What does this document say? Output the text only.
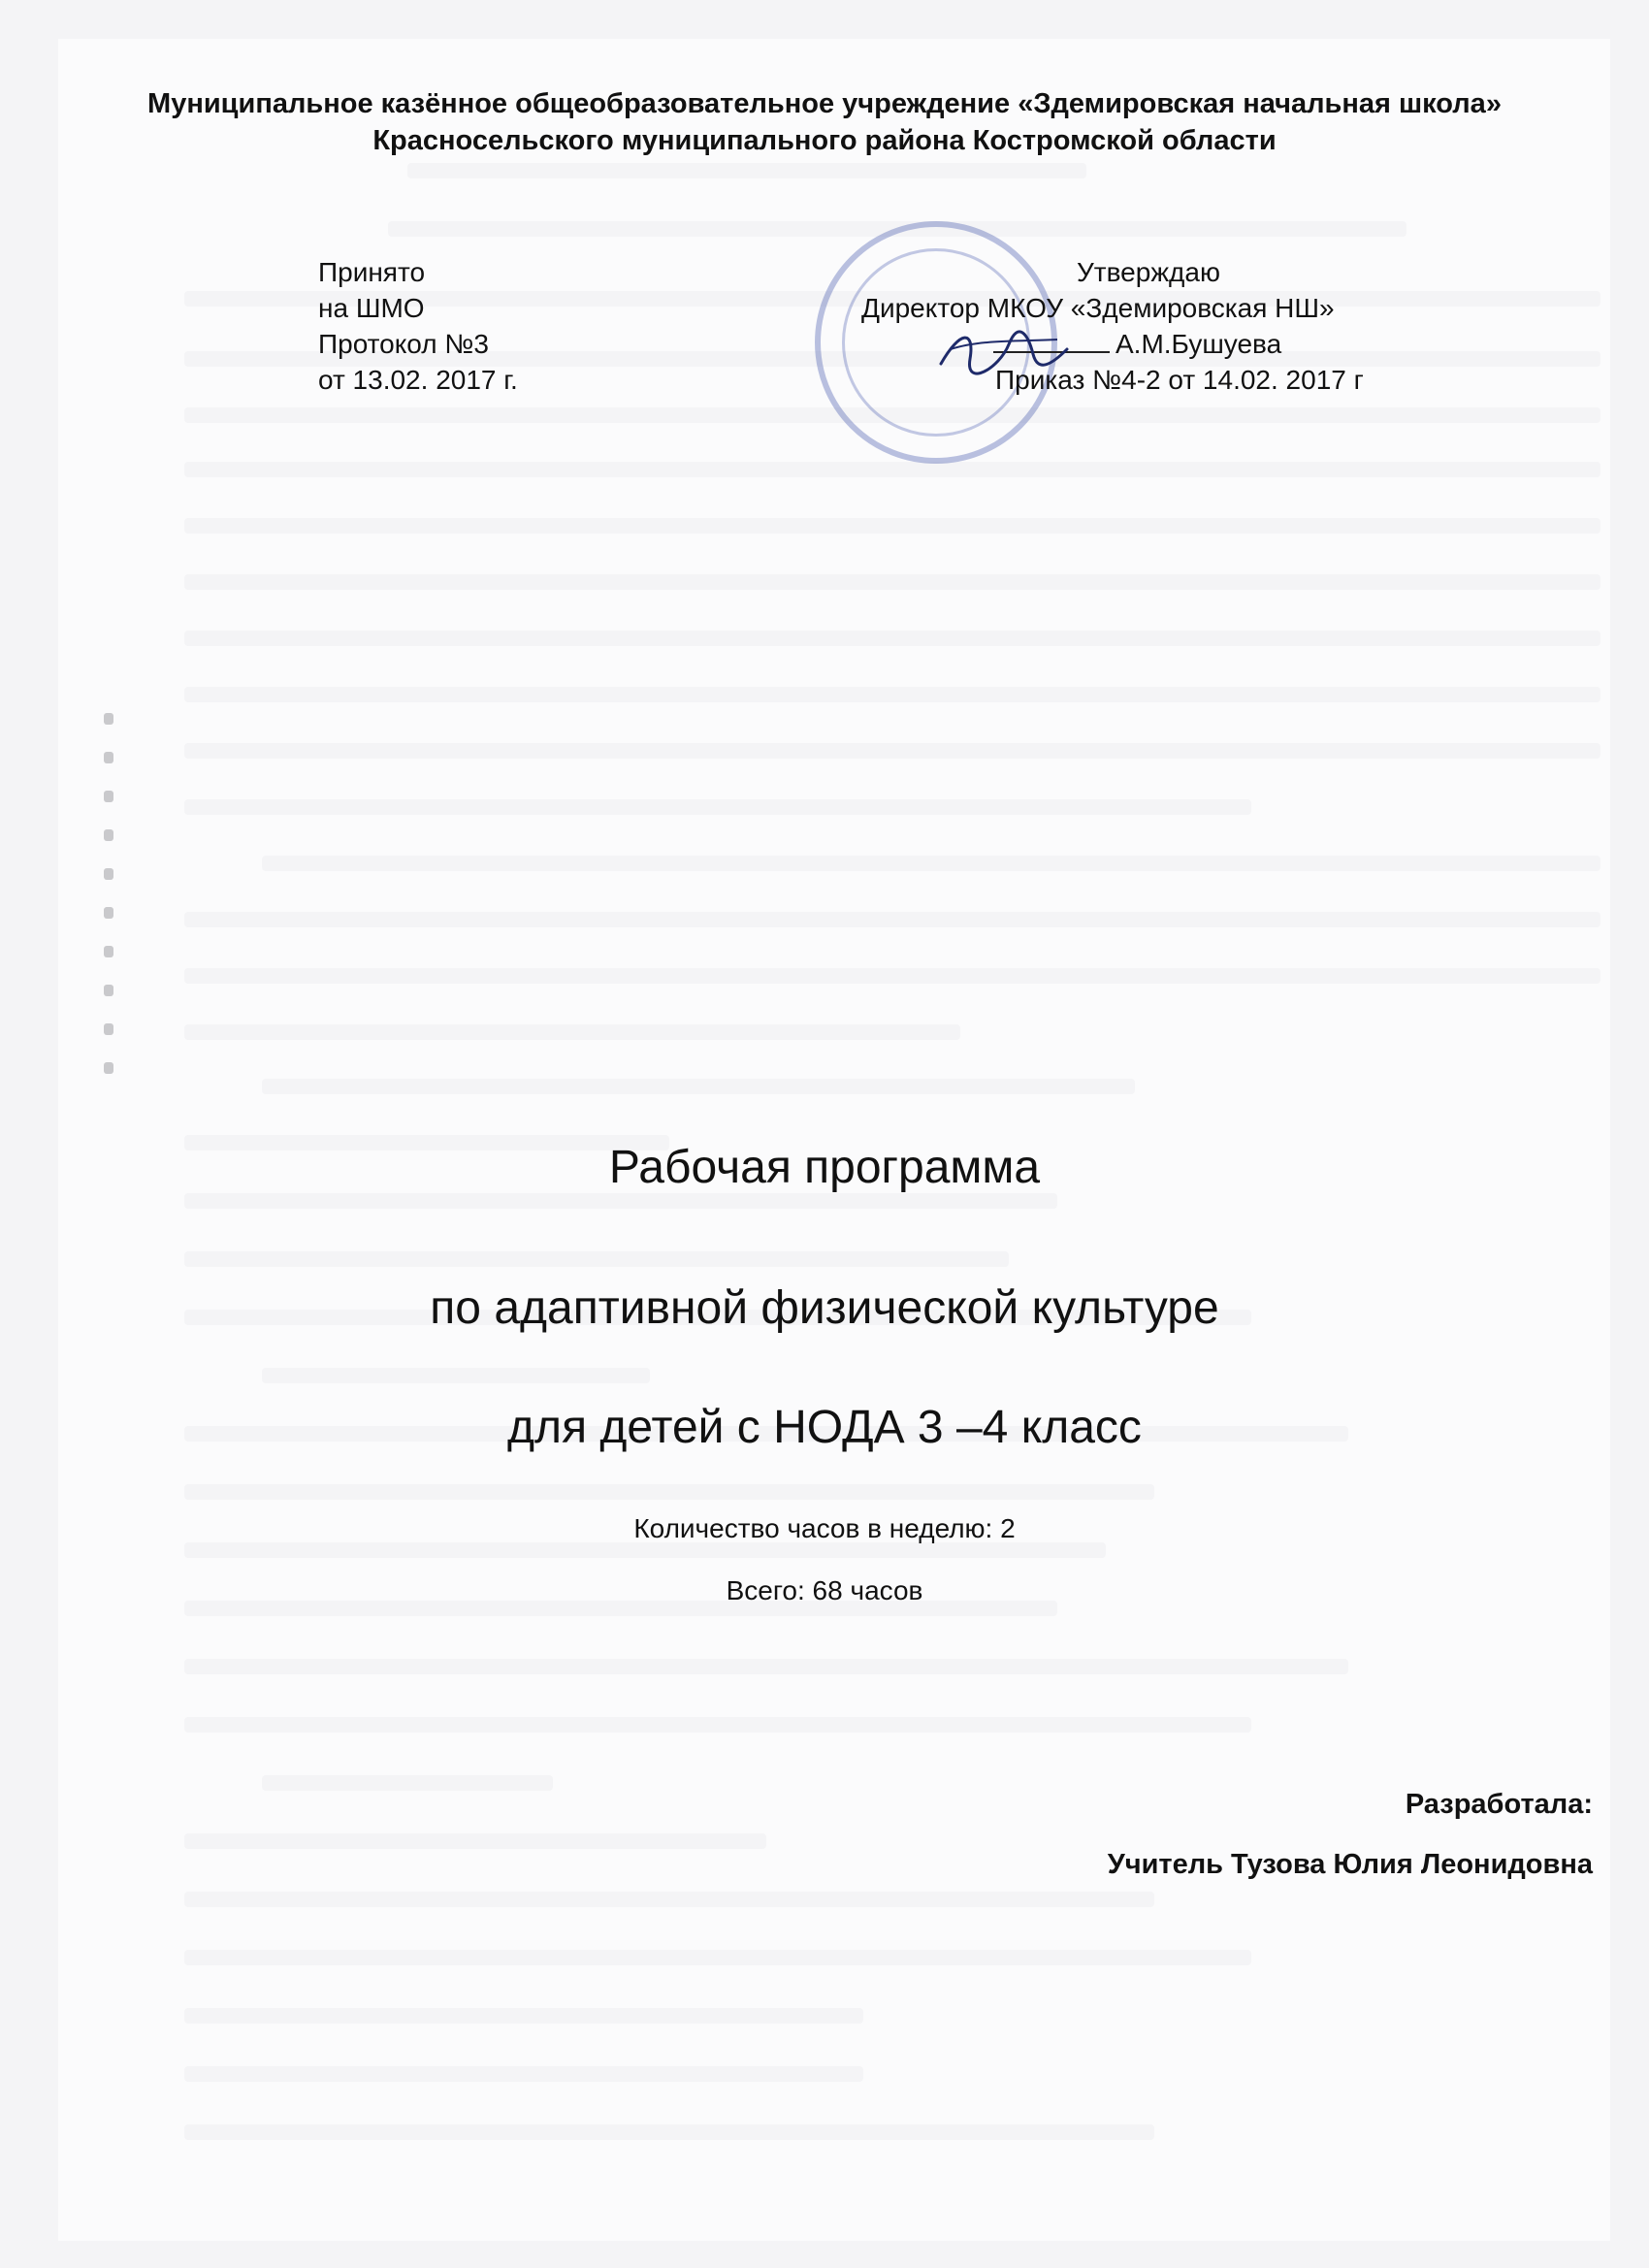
Муниципальное казённое общеобразовательное учреждение «Здемировская начальная школа»
Красносельского муниципального района Костромской области
Принято
на ШМО
Протокол №3
от 13.02. 2017 г.
Утверждаю
Директор МКОУ «Здемировская НШ»
А.М.Бушуева
Приказ №4-2 от 14.02. 2017 г
Рабочая программа
по адаптивной физической культуре
для детей с НОДА 3 –4 класс
Количество часов в неделю: 2
Всего: 68 часов
Разработала:
Учитель Тузова Юлия Леонидовна
